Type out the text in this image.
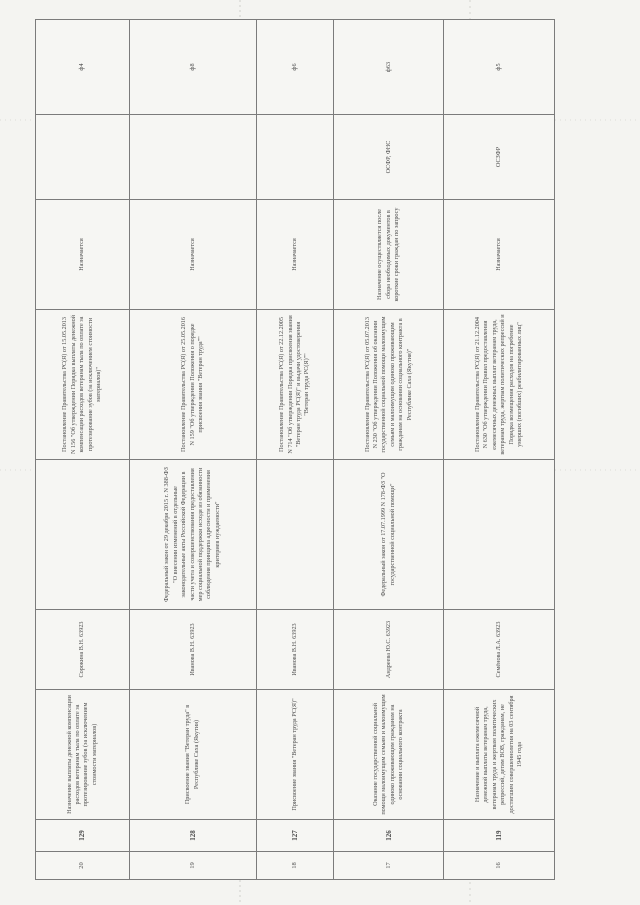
20	129	Назначение выплаты денежной компенсации расходов ветеранам тыла по оплате за протезирование зубов (за исключением стоимости материалов)	Сорокина В.Н. 63923		Постановление Правительства РС(Я) от 15.05.2013 N 156 "Об утверждении Порядка выплаты денежной компенсации расходов ветеранам тыла по оплате за протезирование зубов (за исключением стоимости материалов)"	Назначается		ф4
19	128	Присвоение звания "Ветеран труда" в Республике Саха (Якутия)	Иванова В.Н. 63923	Федеральный закон от 29 декабря 2015 г. N 388-ФЗ "О внесении изменений в отдельные законодательные акты Российской Федерации в части учета и совершенствования предоставления мер социальной поддержки исходя из обязанности соблюдения принципа адресности и применения критериев нуждаемости"	Постановление Правительства РС(Я) от 25.05.2016 N 159 "Об утверждении Положения о порядке присвоения звания "Ветеран труда""	Назначается		ф8
18	127	Присвоение звания "Ветеран труда РС(Я)"	Иванова В.Н. 63923		Постановление Правительства РС(Я) от 22.12.2005 N 714 "Об утверждении Порядка присвоения звания "Ветеран труда РС(Я)" и выдачи удостоверения "Ветеран труда РС(Я)""	Назначается		ф6
17	126	Оказание государственной социальной помощи малоимущим семьям и малоимущим одиноко проживающим гражданам на основании социального контракта	Андреева Ю.С. 63923	Федеральный закон от 17.07.1999 N 178-ФЗ "О государственной социальной помощи"	Постановление Правительства РС(Я) от 05.07.2013 N 230 "Об утверждении Положения об оказании государственной социальной помощи малоимущим семьям и малоимущим одиноко проживающим гражданам на основании социального контракта в Республике Саха (Якутия)"	Назначение осуществляется после сбора необходимых документов в короткие сроки граждан по запросу	ОСФР, ФНС	ф63
16	119	Назначение и выплата ежемесячной денежной выплаты ветеранам труда, ветеранам труда и жертвам политических репрессий, детям ВОВ, гражданам, не достигшим совершеннолетия на 03 сентября 1945 года	Семёнова Л.А. 63923		Постановление Правительства РС(Я) от 21.12.2004 N 630 "Об утверждении Правил предоставления ежемесячных денежных выплат ветеранам труда, ветеранам труда, жертвам политических репрессий и Порядка возмещения расходов на погребение умерших (погибших) реабилитированных лиц"	Назначается	ОСЗФР	ф5
